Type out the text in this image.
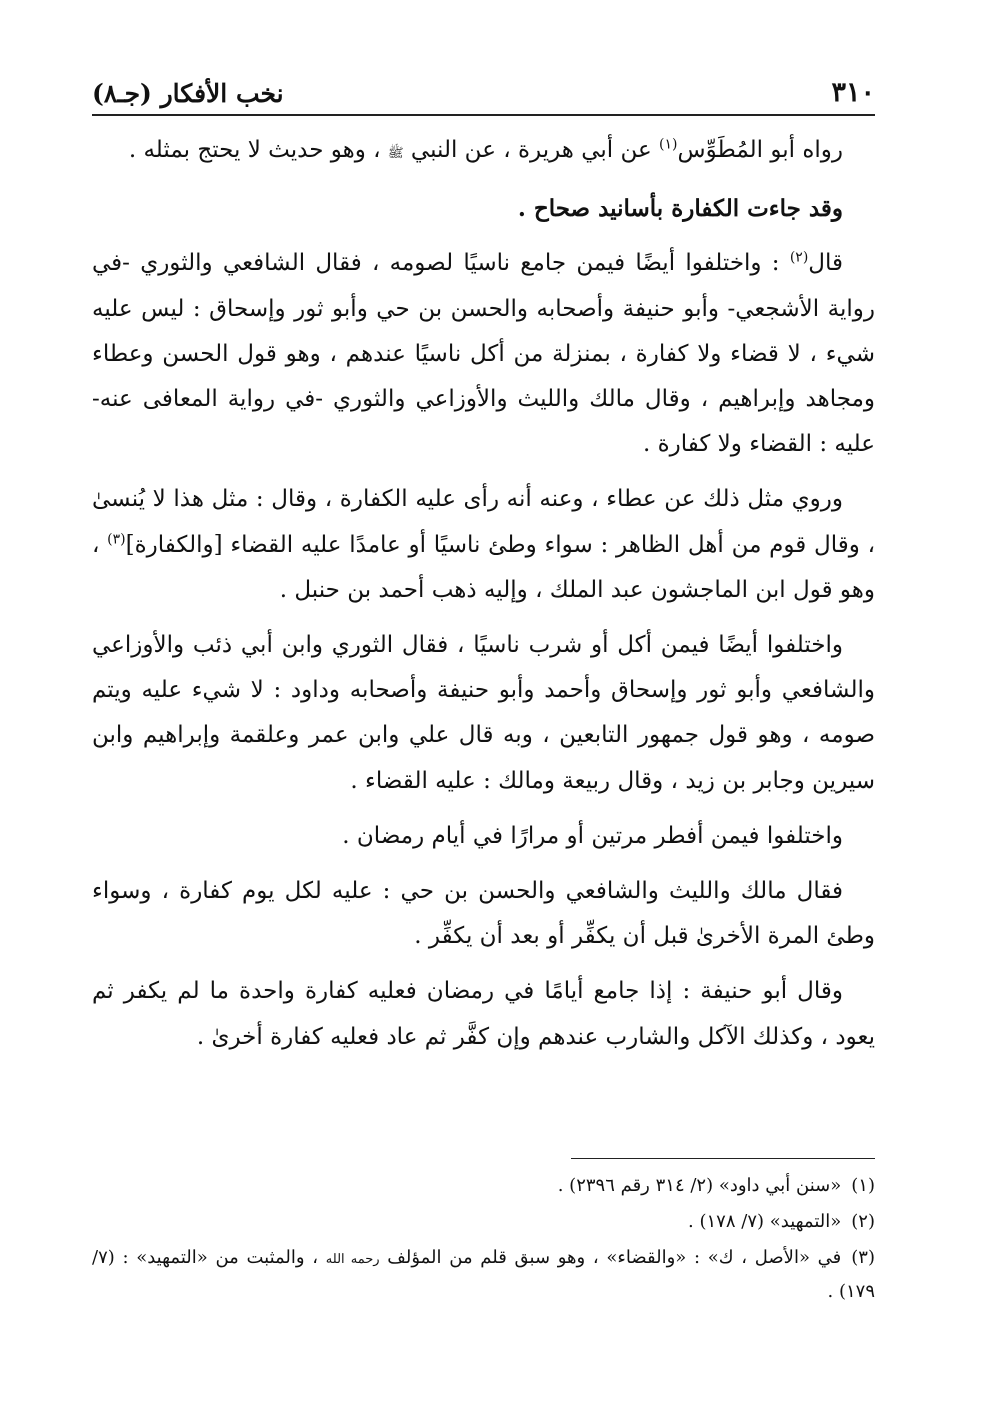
٣١٠
نخب الأفكار (جـ٨)

رواه أبو المُطَوِّس$^{(١)}$ عن أبي هريرة ، عن النبي ﷺ ، وهو حديث لا يحتج بمثله .

وقد جاءت الكفارة بأسانيد صحاح .

قال$^{(٢)}$ : واختلفوا أيضًا فيمن جامع ناسيًا لصومه ، فقال الشافعي والثوري -في رواية الأشجعي- وأبو حنيفة وأصحابه والحسن بن حي وأبو ثور وإسحاق : ليس عليه شيء ، لا قضاء ولا كفارة ، بمنزلة من أكل ناسيًا عندهم ، وهو قول الحسن وعطاء ومجاهد وإبراهيم ، وقال مالك والليث والأوزاعي والثوري -في رواية المعافى عنه- عليه : القضاء ولا كفارة .

وروي مثل ذلك عن عطاء ، وعنه أنه رأى عليه الكفارة ، وقال : مثل هذا لا يُنسىٰ ، وقال قوم من أهل الظاهر : سواء وطئ ناسيًا أو عامدًا عليه القضاء [والكفارة]$^{(٣)}$ ، وهو قول ابن الماجشون عبد الملك ، وإليه ذهب أحمد بن حنبل .

واختلفوا أيضًا فيمن أكل أو شرب ناسيًا ، فقال الثوري وابن أبي ذئب والأوزاعي والشافعي وأبو ثور وإسحاق وأحمد وأبو حنيفة وأصحابه وداود : لا شيء عليه ويتم صومه ، وهو قول جمهور التابعين ، وبه قال علي وابن عمر وعلقمة وإبراهيم وابن سيرين وجابر بن زيد ، وقال ربيعة ومالك : عليه القضاء .

واختلفوا فيمن أفطر مرتين أو مرارًا في أيام رمضان .

فقال مالك والليث والشافعي والحسن بن حي : عليه لكل يوم كفارة ، وسواء وطئ المرة الأخرىٰ قبل أن يكفِّر أو بعد أن يكفِّر .

وقال أبو حنيفة : إذا جامع أيامًا في رمضان فعليه كفارة واحدة ما لم يكفر ثم يعود ، وكذلك الآكل والشارب عندهم وإن كفَّر ثم عاد فعليه كفارة أخرىٰ .

(١)«سنن أبي داود» (٢/ ٣١٤ رقم ٢٣٩٦) .

(٢)«التمهيد» (٧/ ١٧٨) .

(٣)في «الأصل ، ك» : «والقضاء» ، وهو سبق قلم من المؤلف رحمه الله ، والمثبت من «التمهيد» : (٧/ ١٧٩) .
